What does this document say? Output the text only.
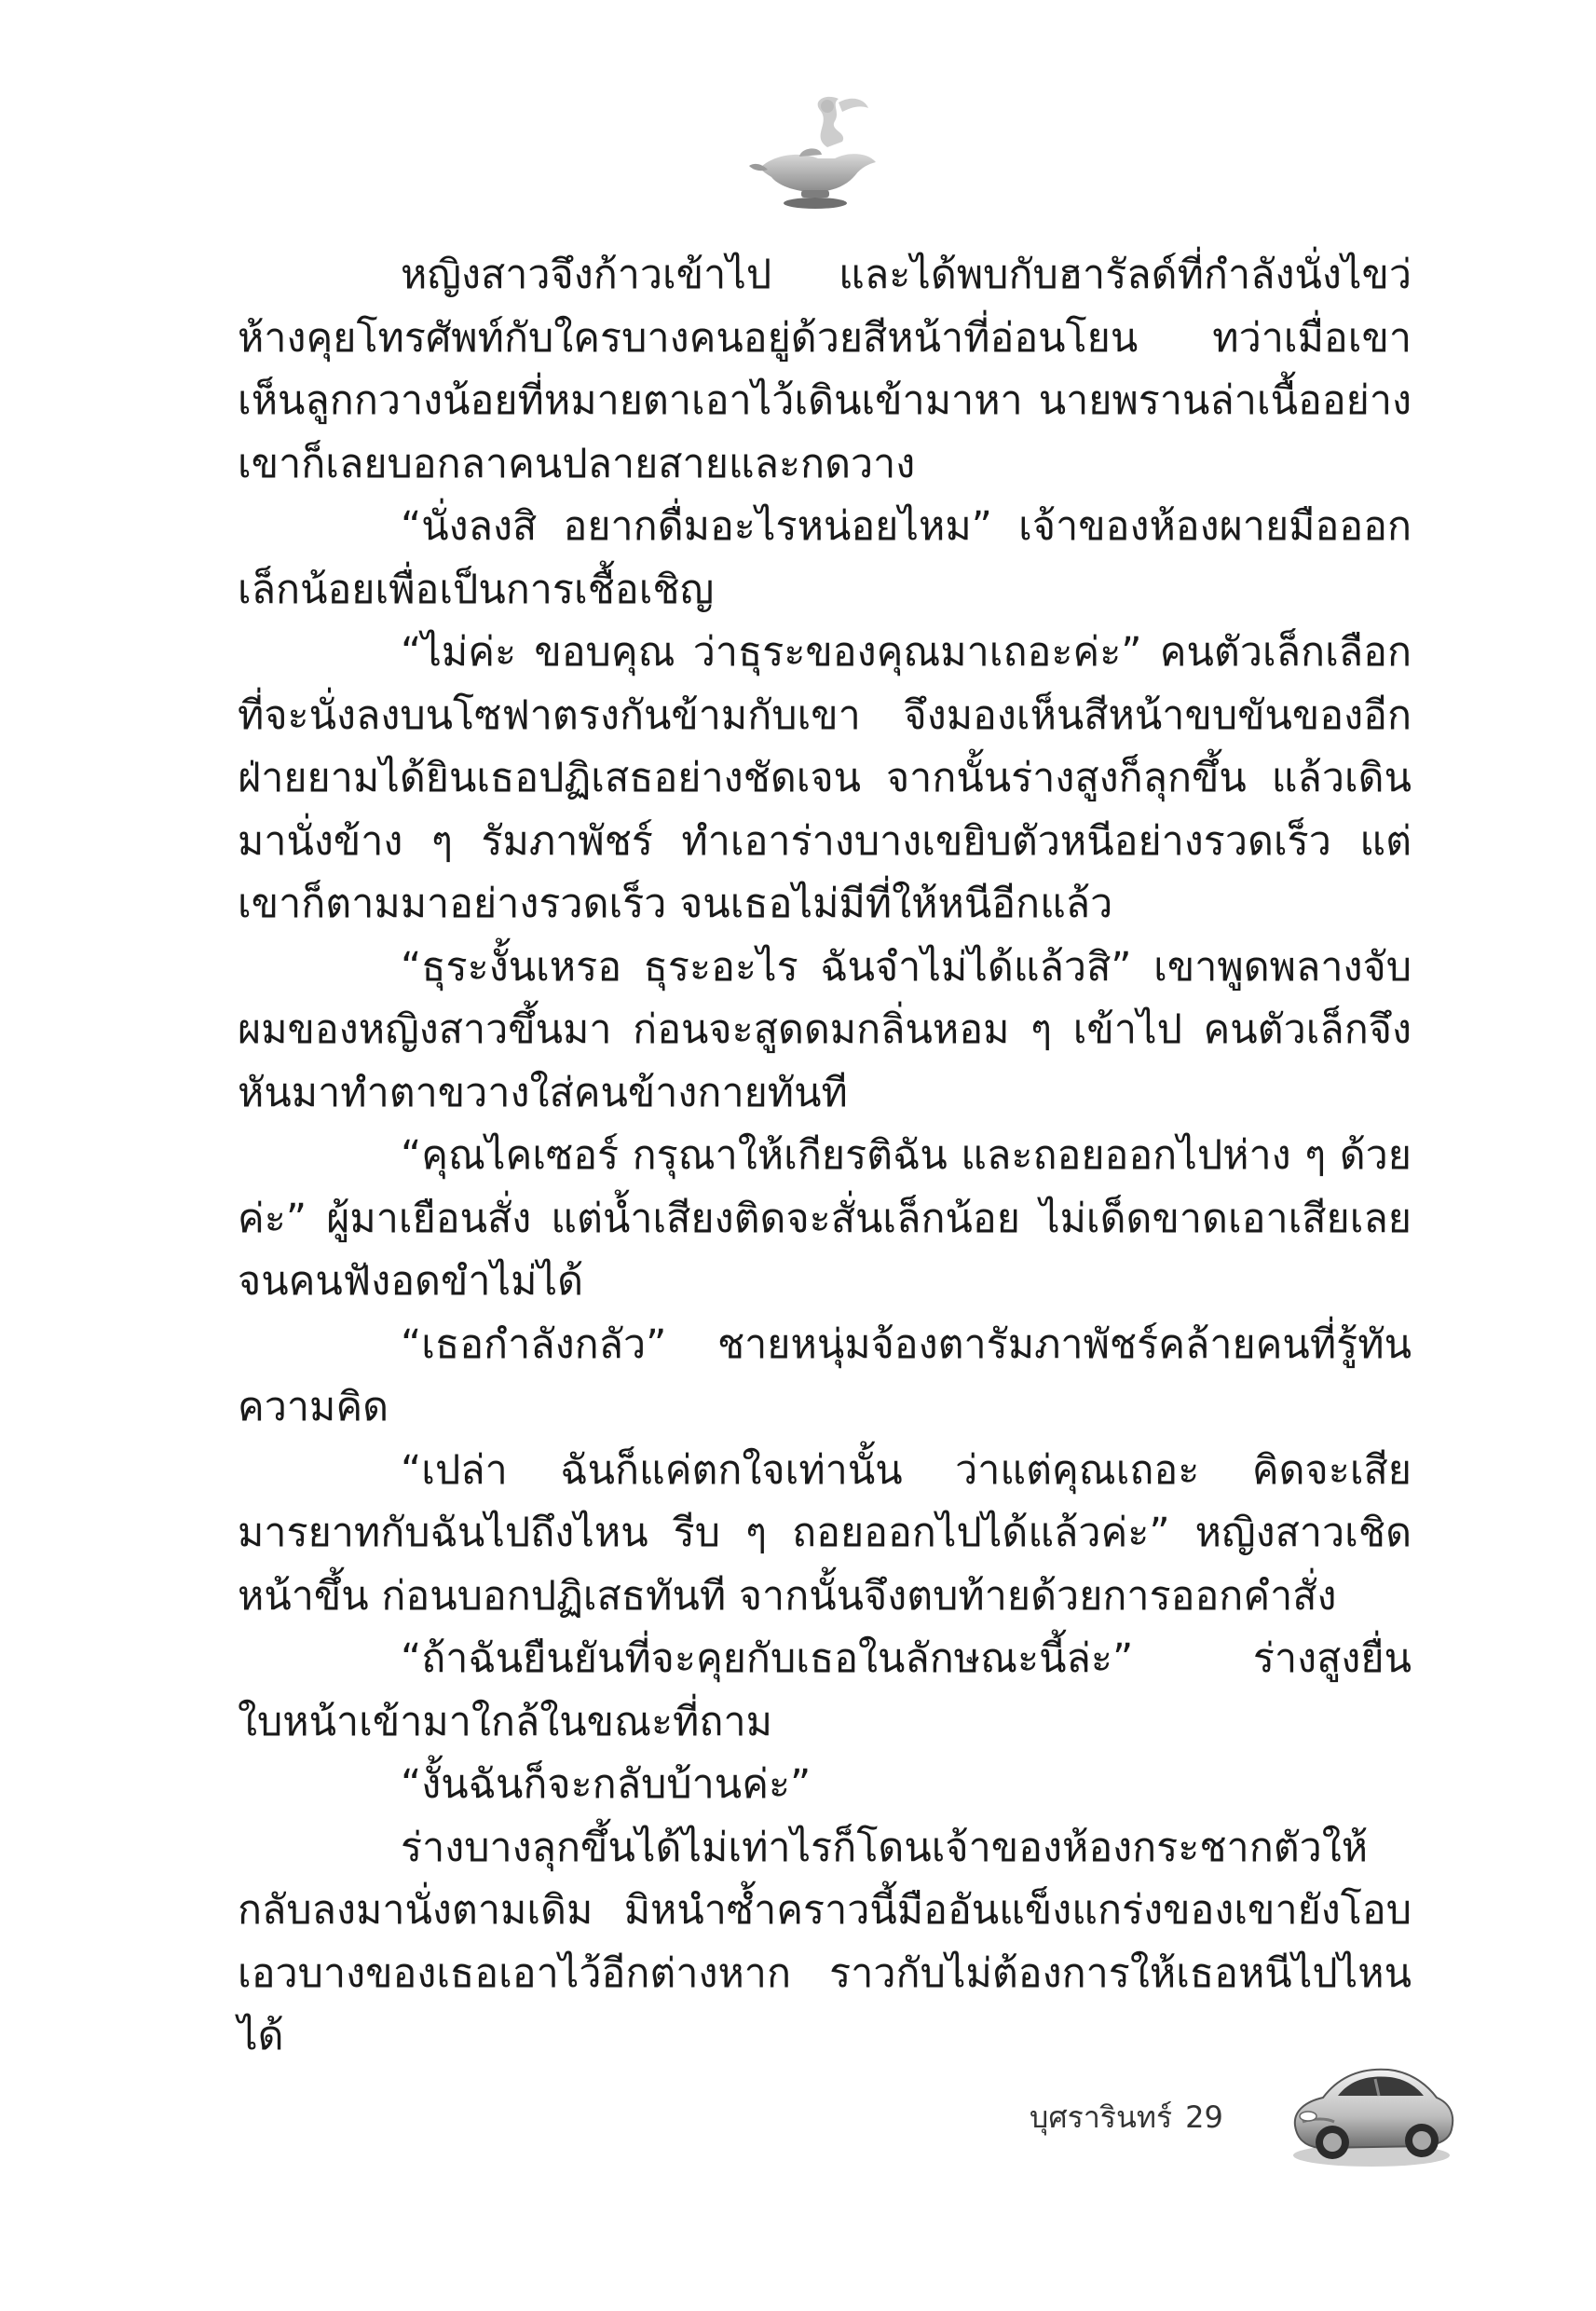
หญิงสาวจึงก้าวเข้าไป และได้พบกับฮารัลด์ที่กำลังนั่งไขว่ห้างคุยโทรศัพท์กับใครบางคนอยู่ด้วยสีหน้าที่อ่อนโยน ทว่าเมื่อเขาเห็นลูกกวางน้อยที่หมายตาเอาไว้เดินเข้ามาหา นายพรานล่าเนื้ออย่างเขาก็เลยบอกลาคนปลายสายและกดวาง

“นั่งลงสิ อยากดื่มอะไรหน่อยไหม” เจ้าของห้องผายมือออกเล็กน้อยเพื่อเป็นการเชื้อเชิญ

“ไม่ค่ะ ขอบคุณ ว่าธุระของคุณมาเถอะค่ะ” คนตัวเล็กเลือกที่จะนั่งลงบนโซฟาตรงกันข้ามกับเขา จึงมองเห็นสีหน้าขบขันของอีกฝ่ายยามได้ยินเธอปฏิเสธอย่างชัดเจน จากนั้นร่างสูงก็ลุกขึ้น แล้วเดินมานั่งข้าง ๆ รัมภาพัชร์ ทำเอาร่างบางเขยิบตัวหนีอย่างรวดเร็ว แต่เขาก็ตามมาอย่างรวดเร็ว จนเธอไม่มีที่ให้หนีอีกแล้ว

“ธุระงั้นเหรอ ธุระอะไร ฉันจำไม่ได้แล้วสิ” เขาพูดพลางจับผมของหญิงสาวขึ้นมา ก่อนจะสูดดมกลิ่นหอม ๆ เข้าไป คนตัวเล็กจึงหันมาทำตาขวางใส่คนข้างกายทันที

“คุณไคเซอร์ กรุณาให้เกียรติฉัน และถอยออกไปห่าง ๆ ด้วยค่ะ” ผู้มาเยือนสั่ง แต่น้ำเสียงติดจะสั่นเล็กน้อย ไม่เด็ดขาดเอาเสียเลยจนคนฟังอดขำไม่ได้

“เธอกำลังกลัว” ชายหนุ่มจ้องตารัมภาพัชร์คล้ายคนที่รู้ทันความคิด

“เปล่า ฉันก็แค่ตกใจเท่านั้น ว่าแต่คุณเถอะ คิดจะเสียมารยาทกับฉันไปถึงไหน รีบ ๆ ถอยออกไปได้แล้วค่ะ” หญิงสาวเชิดหน้าขึ้น ก่อนบอกปฏิเสธทันที จากนั้นจึงตบท้ายด้วยการออกคำสั่ง

“ถ้าฉันยืนยันที่จะคุยกับเธอในลักษณะนี้ล่ะ” ร่างสูงยื่นใบหน้าเข้ามาใกล้ในขณะที่ถาม

“งั้นฉันก็จะกลับบ้านค่ะ”

ร่างบางลุกขึ้นได้ไม่เท่าไรก็โดนเจ้าของห้องกระชากตัวให้กลับลงมานั่งตามเดิม มิหนำซ้ำคราวนี้มืออันแข็งแกร่งของเขายังโอบเอวบางของเธอเอาไว้อีกต่างหาก ราวกับไม่ต้องการให้เธอหนีไปไหนได้

บุศรารินทร์ 29
